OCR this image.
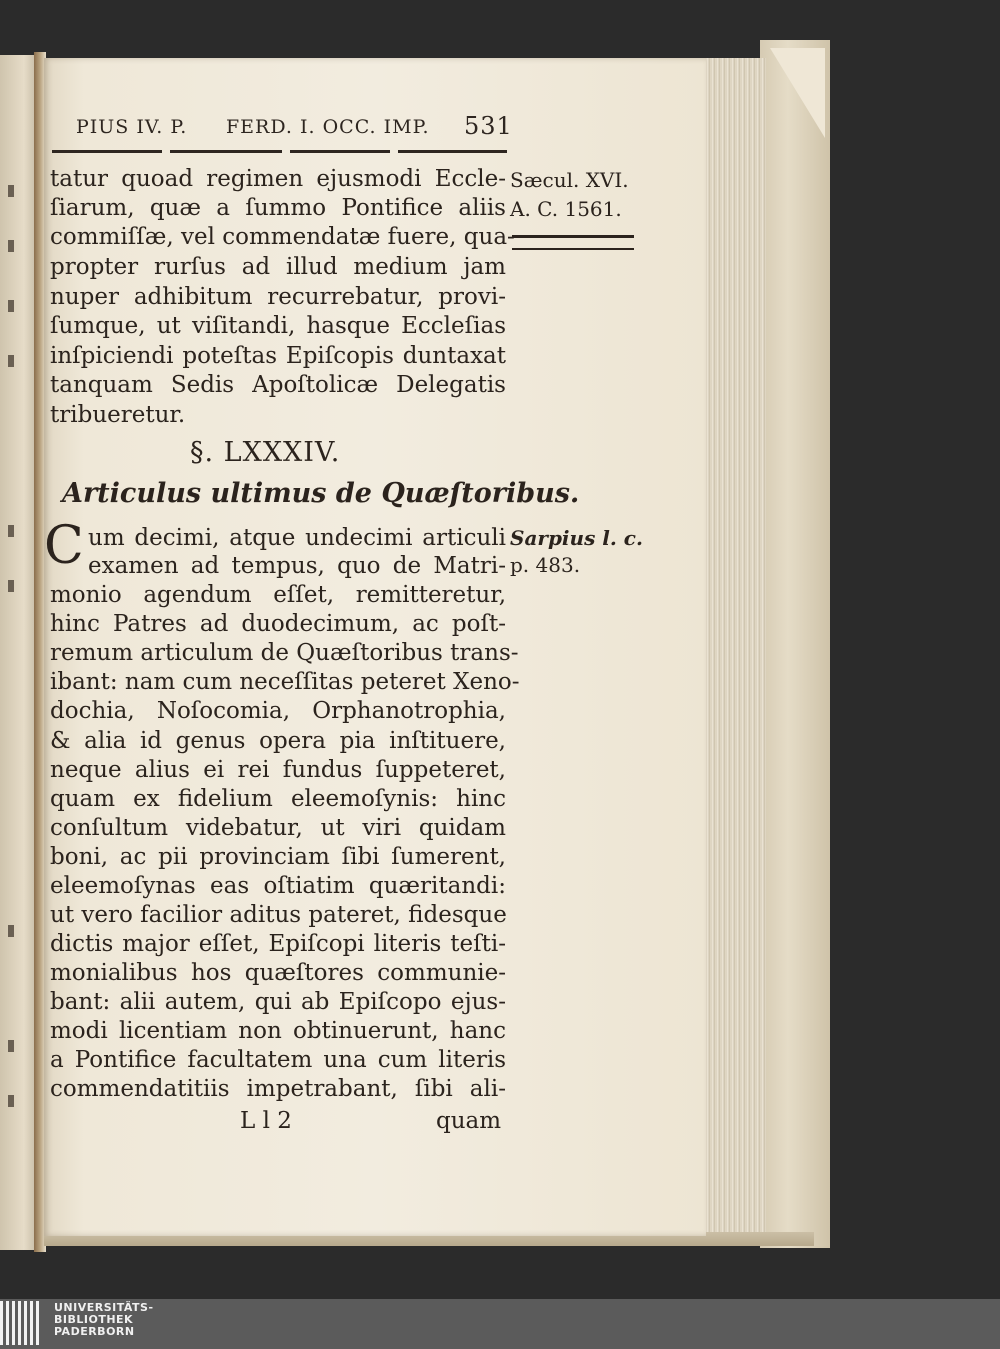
PIUS IV. P. FERD. I. OCC. IMP. 531
Sæcul. XVI.
A. C. 1561.
Sarpius l. c.
p. 483.
tatur quoad regimen ejusmodi Eccle-
ſiarum, quæ a ſummo Pontifice aliis
commiſſæ, vel commendatæ fuere, qua-
propter rurſus ad illud medium jam
nuper adhibitum recurrebatur, provi-
ſumque, ut viſitandi, hasque Eccleſias
inſpiciendi poteſtas Epiſcopis duntaxat
tanquam Sedis Apoſtolicæ Delegatis
tribueretur.
§. LXXXIV.
Articulus ultimus de Quæſtoribus.
C um decimi, atque undecimi articuli
examen ad tempus, quo de Matri-
monio agendum eſſet, remitteretur,
hinc Patres ad duodecimum, ac poſt-
remum articulum de Quæſtoribus trans-
ibant: nam cum neceſſitas peteret Xeno-
dochia, Noſocomia, Orphanotrophia,
& alia id genus opera pia inſtituere,
neque alius ei rei fundus ſuppeteret,
quam ex fidelium eleemoſynis: hinc
conſultum videbatur, ut viri quidam
boni, ac pii provinciam ſibi ſumerent,
eleemoſynas eas oſtiatim quæritandi:
ut vero facilior aditus pateret, fidesque
dictis major eſſet, Epiſcopi literis teſti-
monialibus hos quæſtores communie-
bant: alii autem, qui ab Epiſcopo ejus-
modi licentiam non obtinuerunt, hanc
a Pontifice facultatem una cum literis
commendatitiis impetrabant, ſibi ali-
L l 2	quam
UNIVERSITÄTS-
BIBLIOTHEK
PADERBORN
